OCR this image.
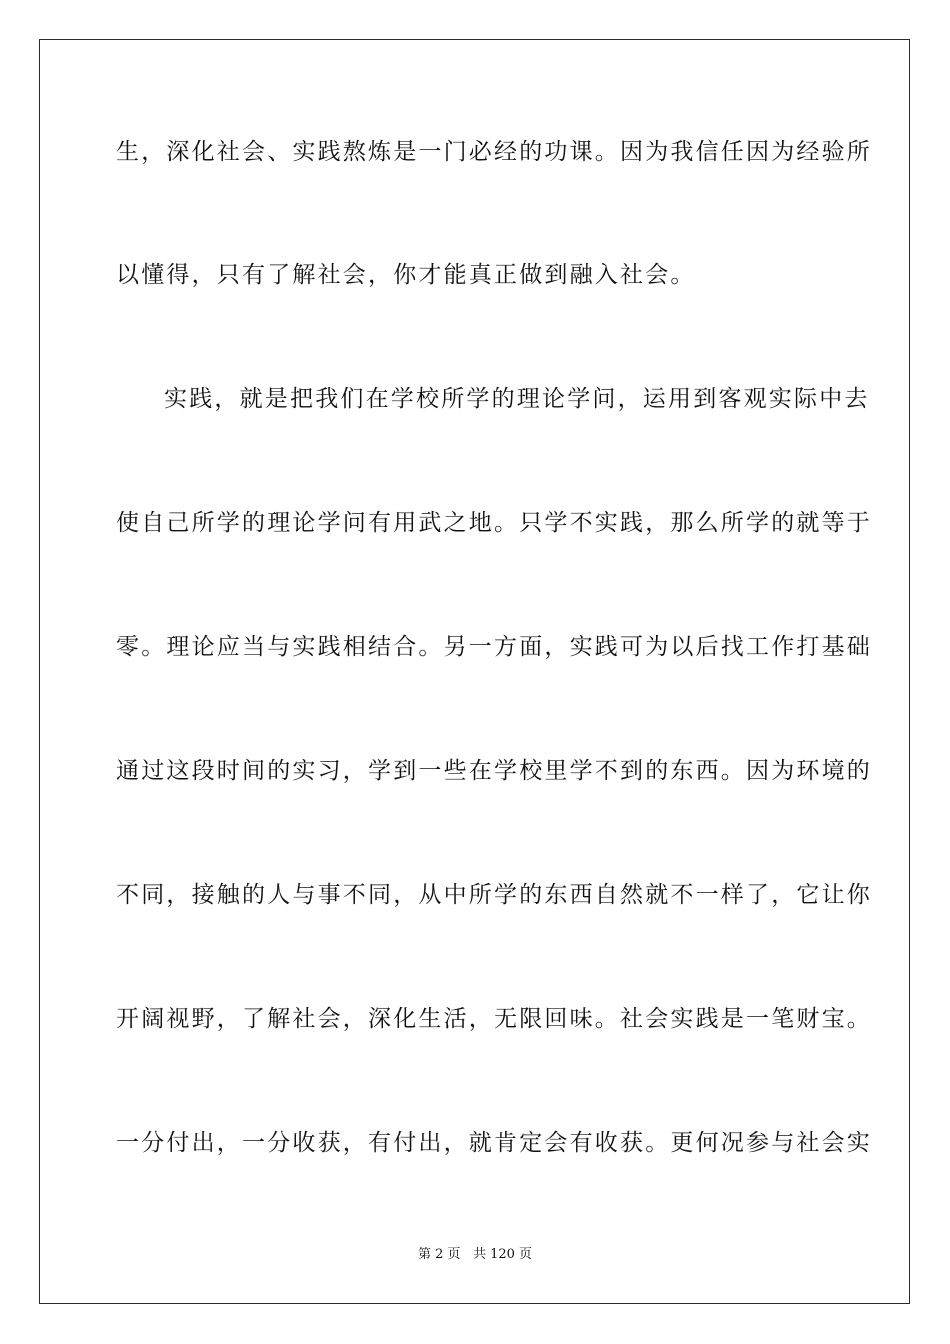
生，深化社会、实践熬炼是一门必经的功课。因为我信任因为经验所
以懂得，只有了解社会，你才能真正做到融入社会。
实践，就是把我们在学校所学的理论学问，运用到客观实际中去
使自己所学的理论学问有用武之地。只学不实践，那么所学的就等于
零。理论应当与实践相结合。另一方面，实践可为以后找工作打基础
通过这段时间的实习，学到一些在学校里学不到的东西。因为环境的
不同，接触的人与事不同，从中所学的东西自然就不一样了，它让你
开阔视野，了解社会，深化生活，无限回味。社会实践是一笔财宝。
一分付出，一分收获，有付出，就肯定会有收获。更何况参与社会实
第 2 页 共 120 页
